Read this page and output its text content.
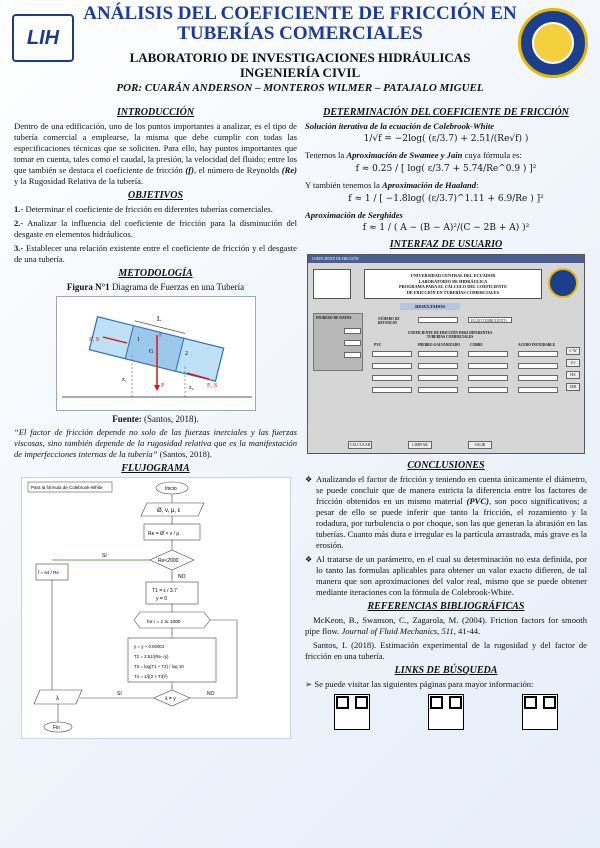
LIH
ANÁLISIS DEL COEFICIENTE DE FRICCIÓN EN
TUBERÍAS COMERCIALES
LABORATORIO DE INVESTIGACIONES HIDRÁULICAS
INGENIERÍA CIVIL
POR: CUARÁN ANDERSON – MONTEROS WILMER – PATAJALO MIGUEL
INTRODUCCIÓN

Dentro de una edificación, uno de los puntos importantes a analizar, es el tipo de tubería comercial a emplearse, la misma que debe cumplir con todas las especificaciones técnicas que se soliciten. Para ello, hay puntos importantes que tomar en cuenta, tales como el caudal, la presión, la velocidad del fluido; entre los que también se destaca el coeficiente de fricción (f), el número de Reynolds (Re) y la Rugosidad Relativa de la tubería.

OBJETIVOS

1.- Determinar el coeficiente de fricción en diferentes tuberías comerciales.

2.- Analizar la influencia del coeficiente de fricción para la disminución del desgaste en elementos hidráulicos.

3.- Establecer una relación existente entre el coeficiente de fricción y el desgaste de una tubería.

METODOLOGÍA
Figura N°1 Diagrama de Fuerzas en una Tubería
L
F
P₁ S
P₂ S
G
P
z₁
z₂
1
2
Fuente: (Santos, 2018).

“El factor de fricción depende no solo de las fuerzas inerciales y las fuerzas viscosas, sino también depende de la rugosidad relativa que es la manifestación de imperfecciones internas de la tubería” (Santos, 2018).

FLUJOGRAMA
Para la fórmula de Colebrook-White	Inicio
Ø, v, μ, ε
Re = Ø × v / μ
Re<2000
SI
f = 64 / Re
NO
T1 = ε / 3.7
y = 0
for i = 1 to 1000
y = y + 0.00001
T2 = 2.51/(Re·√y)
T3 = log(T1 + T2) / log 10
T4 = 1/((2 × T3)²)
λ = y
SI	NO
λ
Fin
DETERMINACIÓN DEL COEFICIENTE DE FRICCIÓN
Solución iterativa de la ecuación de Colebrook-White
1/√f = −2log( (ε/3.7) + 2.51/(Re√f) )

Tenemos la Aproximación de Swamee y Jain cuya fórmula es:

f ≈ 0.25 / [ log( ε/3.7 + 5.74/Re^0.9 ) ]²

Y también tenemos la Aproximación de Haaland:

f ≈ 1 / [ −1.8log( (ε/3.7)^1.11 + 6.9/Re ) ]²
Aproximación de Serghides
f ≈ 1 / ( A − (B − A)²/(C − 2B + A) )²
INTERFAZ DE USUARIO
COEFICIENTE DE FRICCIÓN
UNIVERSIDAD CENTRAL DEL ECUADOR
LABORATORIO DE HIDRÁULICA
PROGRAMA PARA EL CÁLCULO DEL COEFICIENTE
DE FRICCIÓN EN TUBERÍAS COMERCIALES
RESULTADOS
INGRESO DE DATOS	NÚMERO DE REYNOLDS	FLUJO TURBULENTO
COEFICIENTE DE FRICCIÓN PARA DIFERENTES TUBERÍAS COMERCIALES
PVC	HIERRO GALVANIZADO	COBRE	ACERO INOXIDABLE
C-W
S-J
HA
SER
CALCULAR	LIMPIAR	SALIR
CONCLUSIONES
❖ Analizando el factor de fricción y teniendo en cuenta únicamente el diámetro, se puede concluir que de manera estricta la diferencia entre los factores de fricción obtenidos en un mismo material (PVC), son poco significativos; a pesar de ello se puede inferir que tanto la fricción, el rozamiento y la rodadura, por turbulencia o por choque, son las que generan la abrasión en las tuberías. Cuanto más dura e irregular es la partícula arrastrada, más grave es la erosión.
❖ Al tratarse de un parámetro, en el cual su determinación no esta definida, por lo tanto las formulas aplicables para obtener un valor exacto difieren, de tal manera que son aproximaciones del valor real, mismo que se puede obtener mediante iteraciones con la fórmula de Colebrook-White.
REFERENCIAS BIBLIOGRÁFICAS

McKeon, B., Swanson, C., Zagarola, M. (2004). Friction factors for smooth pipe flow. Journal of Fluid Mechanics, 511, 41-44.

Santos, I. (2018). Estimación experimental de la rugosidad y del factor de fricción en una tubería.

LINKS DE BÚSQUEDA

➢ Se puede visitar las siguientes páginas para mayor información:
